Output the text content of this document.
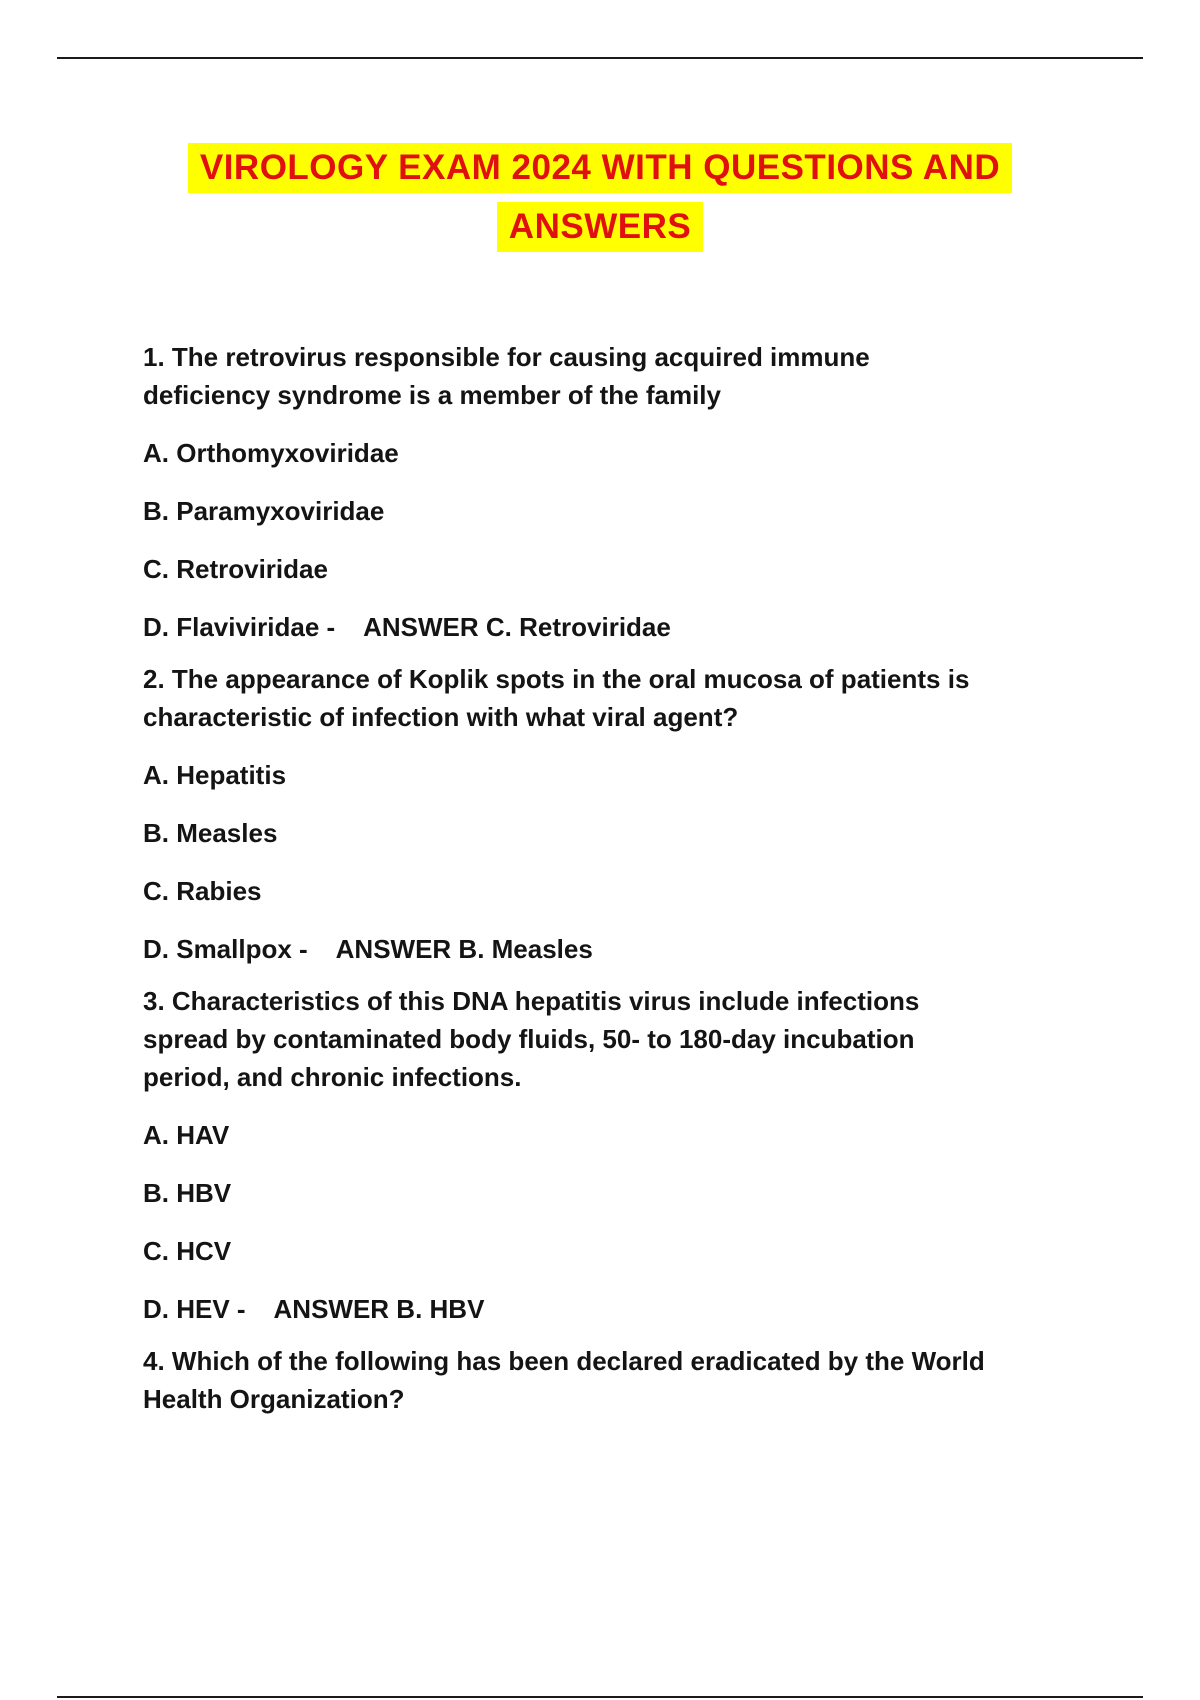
VIROLOGY EXAM 2024 WITH QUESTIONS AND
ANSWERS

1. The retrovirus responsible for causing acquired immune
deficiency syndrome is a member of the family

A. Orthomyxoviridae

B. Paramyxoviridae

C. Retroviridae

D. Flaviviridae - ANSWER C. Retroviridae

2. The appearance of Koplik spots in the oral mucosa of patients is
characteristic of infection with what viral agent?

A. Hepatitis

B. Measles

C. Rabies

D. Smallpox - ANSWER B. Measles

3. Characteristics of this DNA hepatitis virus include infections
spread by contaminated body fluids, 50- to 180-day incubation
period, and chronic infections.

A. HAV

B. HBV

C. HCV

D. HEV - ANSWER B. HBV

4. Which of the following has been declared eradicated by the World
Health Organization?
